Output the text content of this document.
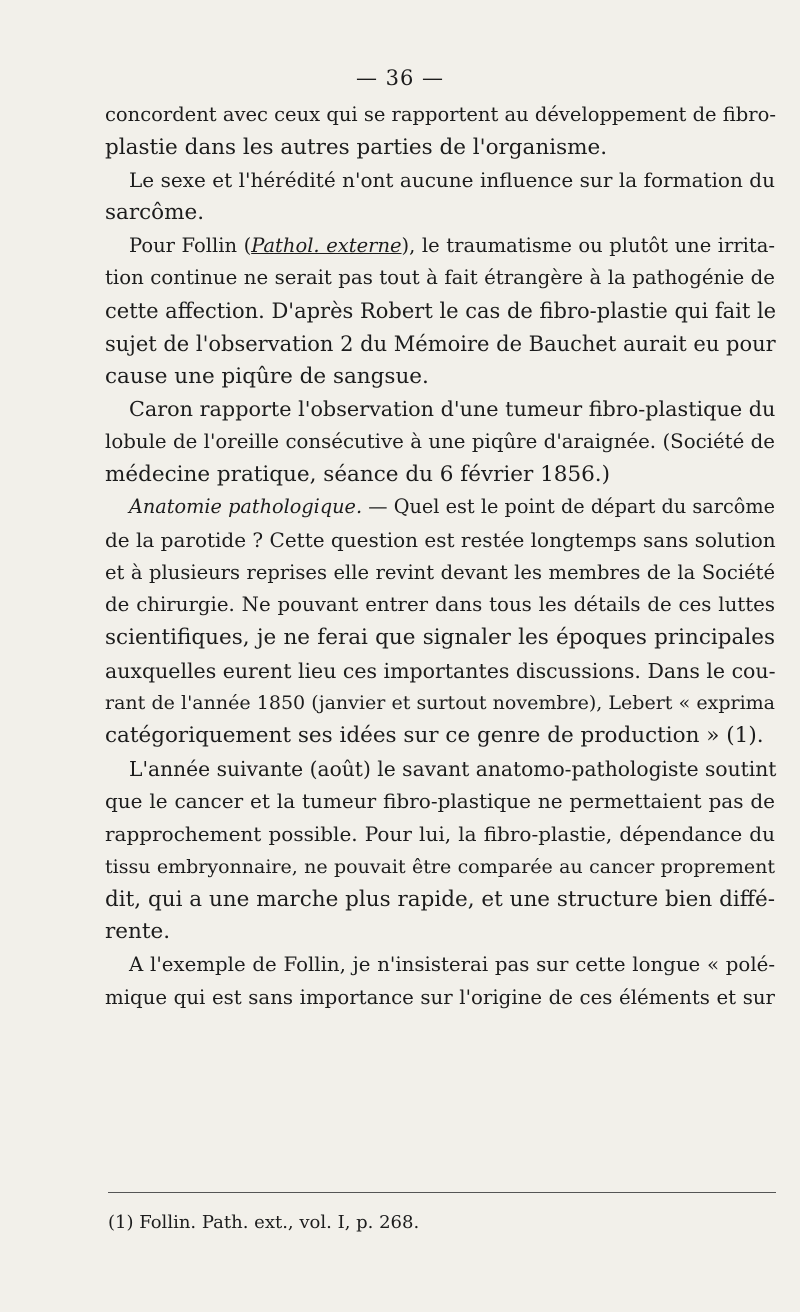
— 36 —
concordent avec ceux qui se rapportent au développement de fibro-
plastie dans les autres parties de l'organisme.
Le sexe et l'hérédité n'ont aucune influence sur la formation du
sarcôme.
Pour Follin (Pathol. externe), le traumatisme ou plutôt une irrita-
tion continue ne serait pas tout à fait étrangère à la pathogénie de
cette affection. D'après Robert le cas de fibro-plastie qui fait le
sujet de l'observation 2 du Mémoire de Bauchet aurait eu pour
cause une piqûre de sangsue.
Caron rapporte l'observation d'une tumeur fibro-plastique du
lobule de l'oreille consécutive à une piqûre d'araignée. (Société de
médecine pratique, séance du 6 février 1856.)
Anatomie pathologique. — Quel est le point de départ du sarcôme
de la parotide ? Cette question est restée longtemps sans solution
et à plusieurs reprises elle revint devant les membres de la Société
de chirurgie. Ne pouvant entrer dans tous les détails de ces luttes
scientifiques, je ne ferai que signaler les époques principales
auxquelles eurent lieu ces importantes discussions. Dans le cou-
rant de l'année 1850 (janvier et surtout novembre), Lebert « exprima
catégoriquement ses idées sur ce genre de production » (1).
L'année suivante (août) le savant anatomo-pathologiste soutint
que le cancer et la tumeur fibro-plastique ne permettaient pas de
rapprochement possible. Pour lui, la fibro-plastie, dépendance du
tissu embryonnaire, ne pouvait être comparée au cancer proprement
dit, qui a une marche plus rapide, et une structure bien diffé-
rente.
A l'exemple de Follin, je n'insisterai pas sur cette longue « polé-
mique qui est sans importance sur l'origine de ces éléments et sur
(1) Follin. Path. ext., vol. I, p. 268.
